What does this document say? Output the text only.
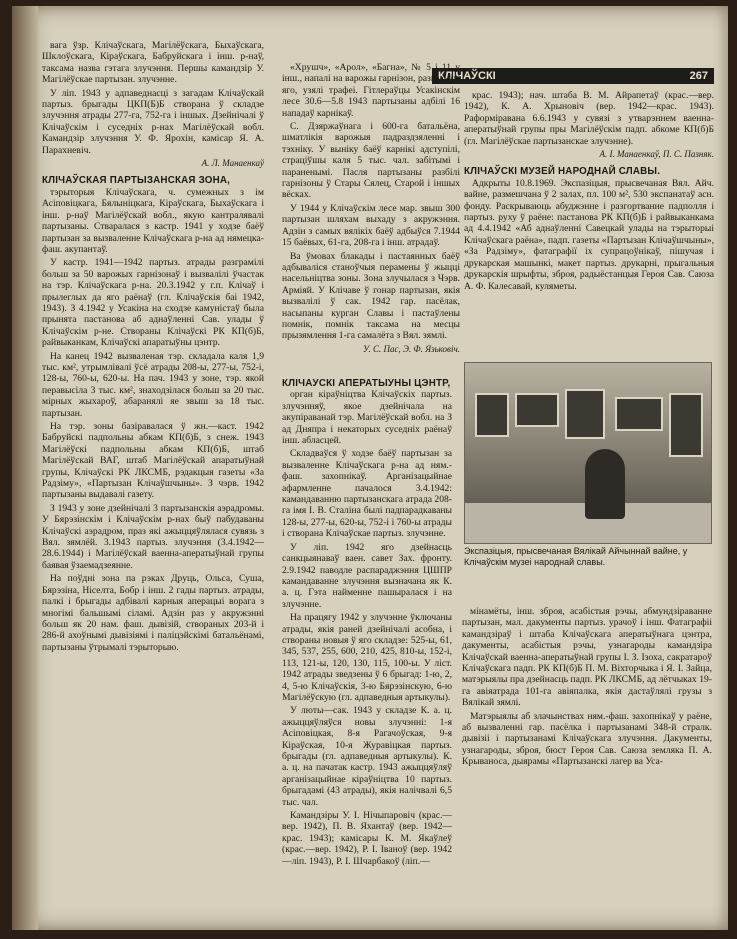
КЛІЧАЎСКІ	267

вага ўзр. Клічаўскага, Магілёўскага, Быхаўскага, Шклоўскага, Кіраўскага, Бабруйскага і інш. р-наў, таксама назва гэтага злучэння. Першы камандзір У. Магілёўскае партызан. злучэнне.

У ліп. 1943 у адпаведнасці з загадам Клічаўскай партыз. брыгады ЦКП(Б)Б створана ў складзе злучэння атрады 277-га, 752-га і іншых. Дзейнічалі ў Клічаўскім і суседніх р-нах Магілёўскай вобл. Камандзір злучэння У. Ф. Ярохін, камісар Я. А. Парахневіч.

А. Л. Манаенкаў
КЛІЧАЎСКАЯ ПАРТЫЗАНСКАЯ ЗОНА,

тэрыторыя Клічаўскага, ч. сумежных з ім Асіповіцкага, Бялыніцкага, Кіраўскага, Быхаўскага і інш. р-наў Магілёўскай вобл., якую кантралявалі партызаны. Стваралася з кастр. 1941 у ходзе баёў партызан за вызваленне Клічаўскага р-на ад нямецка-фаш. акупантаў.

У кастр. 1941—1942 партыз. атрады разграмілі больш за 50 варожых гарнізонаў і вызвалілі ўчастак на тэр. Клічаўскага р-на. 20.3.1942 у г.п. Клічаў і прылеглых да яго раёнаў (гл. Клічаўскія баі 1942, 1943). З 4.1942 у Усакіна на сходзе камуністаў была прынята пастанова аб аднаўленні Сав. улады ў Клічаўскім р-не. Створаны Клічаўскі РК КП(б)Б, райвыканкам, Клічаўскі апаратыўны цэнтр.

На канец 1942 вызваленая тэр. складала каля 1,9 тыс. км², утрымлівалі ўсё атрады 208-ы, 277-ы, 752-і, 128-ы, 760-ы, 620-ы. На пач. 1943 у зоне, тэр. якой перавысіла 3 тыс. км², знаходзілася больш за 20 тыс. мірных жыхароў, абаранялі яе звыш за 18 тыс. партызан.

На тэр. зоны базіравалася ў жн.—каст. 1942 Бабруйскі падпольны абкам КП(б)Б, з снеж. 1943 Магілёўскі падпольны абкам КП(б)Б, штаб Магілёўскай ВАГ, штаб Магілёўскай апаратыўнай групы, Клічаўскі РК ЛКСМБ, рэдакцыя газеты «За Радзіму», «Партызан Клічаўшчыны». З чэрв. 1942 партызаны выдавалі газету.

З 1943 у зоне дзейнічалі 3 партызанскія аэрадромы. У Бярэзінскім і Клічаўскім р-нах быў пабудаваны Клічаўскі аэрадром, праз які ажыццяўлялася сувязь з Вял. зямлёй. 3.1943 партыз. злучэння (3.4.1942—28.6.1944) і Магілёўскай ваенна-аператыўнай групы баявая ўзаемадзеянне.

На поўдні зона па рэках Друць, Ольса, Суша, Бярэзіна, Ніселта, Бобр і інш. 2 гады партыз. атрады, палкі і брыгады адбівалі карныя аперацыі ворага з многімі бальшымі сіламі. Адзін раз у акружэнні больш як 20 нам. фаш. дывізій, створаных 203-й і 286-й ахоўнымі дывізіямі і паліцэйскімі батальёнамі, партызаны ўтрымалі тэрыторыю.

«Хрушч», «Арол», «Багна», № 5 і 11 у інш., напалі на варожы гарнізон, разграмілі яго, узялі трафеі. Гітлераўцы Усакінскім лесе 30.6—5.8 1943 партызаны адбілі 16 нападаў карнікаў.

С. Дзяржаўнага і 600-га батальёна, шматлікія варожыя падраздзяленні і тэхніку. У выніку баёў карнікі адступілі, страціўшы каля 5 тыс. чал. забітымі і параненымі. Пасля партызаны разбілі гарнізоны ў Стары Сялец, Старой і іншых вёсках.

У 1944 у Клічаўскім лесе мар. звыш 300 партызан шляхам выхаду з акружэння. Адзін з самых вялікіх баёў адбыўся 7.1944 15 баёвых, 61-га, 208-га і інш. атрадаў.

Ва ўмовах блакады і пастаянных баёў адбываліся станоўчыя перамены ў жыцці насельніцтва зоны. Зона злучылася з Чэрв. Арміяй. У Клічаве ў гонар партызан, якія вызвалілі ў сак. 1942 гар. пасёлак, насыпаны курган Славы і пастаўлены помнік, помнік таксама на месцы прызямлення 1-га самалёта з Вял. зямлі.

У. С. Пас, Э. Ф. Язьковіч.
КЛІЧАЎСКІ АПЕРАТЫЎНЫ ЦЭНТР,

орган кіраўніцтва Клічаўскіх партыз. злучэнняў, якое дзейнічала на акупіраванай тэр. Магілёўскай вобл. на З ад Дняпра і некаторых суседніх раёнаў інш. абласцей.

Складваўся ў ходзе баёў партызан за вызваленне Клічаўскага р-на ад ням.-фаш. захопнікаў. Арганізацыйнае афармленне пачалося 3.4.1942: камандаванню партызанскага атрада 208-га імя І. В. Сталіна былі падпарадкаваны 128-ы, 277-ы, 620-ы, 752-і і 760-ы атрады і створана Клічаўскае партыз. злучэнне.

У ліп. 1942 яго дзейнасць санкцыянаваў ваен. савет Зах. фронту. 2.9.1942 паводле распараджэння ЦШПР камандаванне злучэння вызначана як К. а. ц. Гэта найменне пашыралася і на злучэнне.

На працягу 1942 у злучэнне ўключаны атрады, якія раней дзейнічалі асобна, і створаны новыя ў яго складзе: 525-ы, 61, 345, 537, 255, 600, 210, 425, 810-ы, 152-і, 113, 121-ы, 120, 130, 115, 100-ы. У ліст. 1942 атрады зведзены ў 6 брыгад: 1-ю, 2, 4, 5-ю Клічаўскія, 3-ю Бярэзінскую, 6-ю Магілёўскую (гл. адпаведныя артыкулы).

У люты—сак. 1943 у складзе К. а. ц. ажыццяўляўся новы злучэнні: 1-я Асіповіцкая, 8-я Рагачоўская, 9-я Кіраўская, 10-я Журавіцкая партыз. брыгады (гл. адпаведныя артыкулы). К. а. ц. на пачатак кастр. 1943 ажыццяўляў арганізацыйнае кіраўніцтва 10 партыз. брыгадамі (43 атрады), якія налічвалі 6,5 тыс. чал.

Камандзіры У. І. Нічыпаровіч (крас.—вер. 1942), П. В. Яхантаў (вер. 1942—крас. 1943); камісары К. М. Якаўлеў (крас.—вер. 1942), Р. І. Іваноў (вер. 1942—ліп. 1943), Р. І. Шчарбакоў (ліп.—

крас. 1943); нач. штаба В. М. Айрапетаў (крас.—вер. 1942), К. А. Хрыновіч (вер. 1942—крас. 1943). Раформіравана 6.6.1943 у сувязі з утварэннем ваенна-аператыўнай групы пры Магілёўскім падп. абкоме КП(б)Б (гл. Магілёўскае партызанскае злучэнне).

А. І. Манаенкаў, П. С. Пазняк.
КЛІЧАЎСКІ МУЗЕЙ НАРОДНАЙ СЛАВЫ.

Адкрыты 10.8.1969. Экспазіцыя, прысвечаная Вял. Айч. вайне, размешчана ў 2 залах, пл. 100 м², 530 экспанатаў асн. фонду. Раскрываюць абуджэнне і разгортванне падполля і партыз. руху ў раёне: пастанова РК КП(б)Б і райвыканкама ад 4.4.1942 «Аб аднаўленні Савецкай улады на тэрыторыі Клічаўскага раёна», падп. газеты «Партызан Клічаўшчыны», «За Радзіму», фатаграфії іх супрацоўнікаў, пішучая і друкарская машынкі, макет партыз. друкарні, прыгальныя друкарскія шрыфты, зброя, радыёстанцыя Героя Сав. Саюза А. Ф. Калесавай, куляметы.

Экспазіцыя, прысвечаная Вялікай Айчыннай вайне, у Клічаўскім музеі народнай славы.

мінамёты, інш. зброя, асабістыя рэчы, абмундзіраванне партызан, мал. дакументы партыз. урачоў і інш. Фатаграфіі камандзіраў і штаба Клічаўскага аператыўнага цэнтра, дакументы, асабістыя рэчы, узнагароды камандзіра Клічаўскай ваенна-аператыўнай групы І. З. Ізоха, сакратароў Клічаўскага падп. РК КП(б)Б П. М. Віхторчыка і Я. І. Зайца, матэрыялы пра дзейнасць падп. РК ЛКСМБ, ад лётчыках 19-га авіяатрада 101-га авіяпалка, якія дастаўлялі грузы з Вялікай зямлі.

Матэрыялы аб злачынствах ням.-фаш. захопнікаў у раёне, аб вызваленні гар. пасёлка і партызанамі 348-й стралк. дывізіі і партызанамі Клічаўскага злучэння. Дакументы, узнагароды, зброя, бюст Героя Сав. Саюза земляка П. А. Крываноса, дыярамы «Партызанскі лагер ва Уса-
